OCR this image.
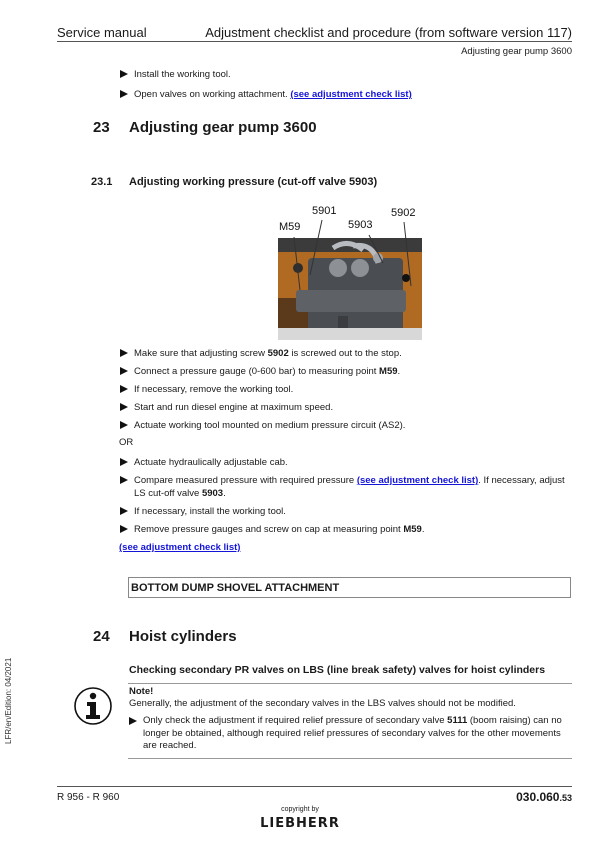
Service manual	Adjustment checklist and procedure (from software version 117)
Adjusting gear pump 3600
Install the working tool.
Open valves on working attachment. (see adjustment check list)
23 Adjusting gear pump 3600
23.1 Adjusting working pressure (cut-off valve 5903)
M59
5901
5903
5902
Make sure that adjusting screw 5902 is screwed out to the stop.
Connect a pressure gauge (0-600 bar) to measuring point M59.
If necessary, remove the working tool.
Start and run diesel engine at maximum speed.
Actuate working tool mounted on medium pressure circuit (AS2).
OR
Actuate hydraulically adjustable cab.
Compare measured pressure with required pressure (see adjustment check list). If necessary, adjust LS cut-off valve 5903.
If necessary, install the working tool.
Remove pressure gauges and screw on cap at measuring point M59.
(see adjustment check list)
BOTTOM DUMP SHOVEL ATTACHMENT
24 Hoist cylinders
Checking secondary PR valves on LBS (line break safety) valves for hoist cylinders
Note!
Generally, the adjustment of the secondary valves in the LBS valves should not be modified.
Only check the adjustment if required relief pressure of secondary valve 5111 (boom raising) can no longer be obtained, although required relief pressures of secondary valves for the other movements are reached.
LFR/en/Edition: 04/2021
R 956 - R 960	030.060.53
copyright by
LIEBHERR
